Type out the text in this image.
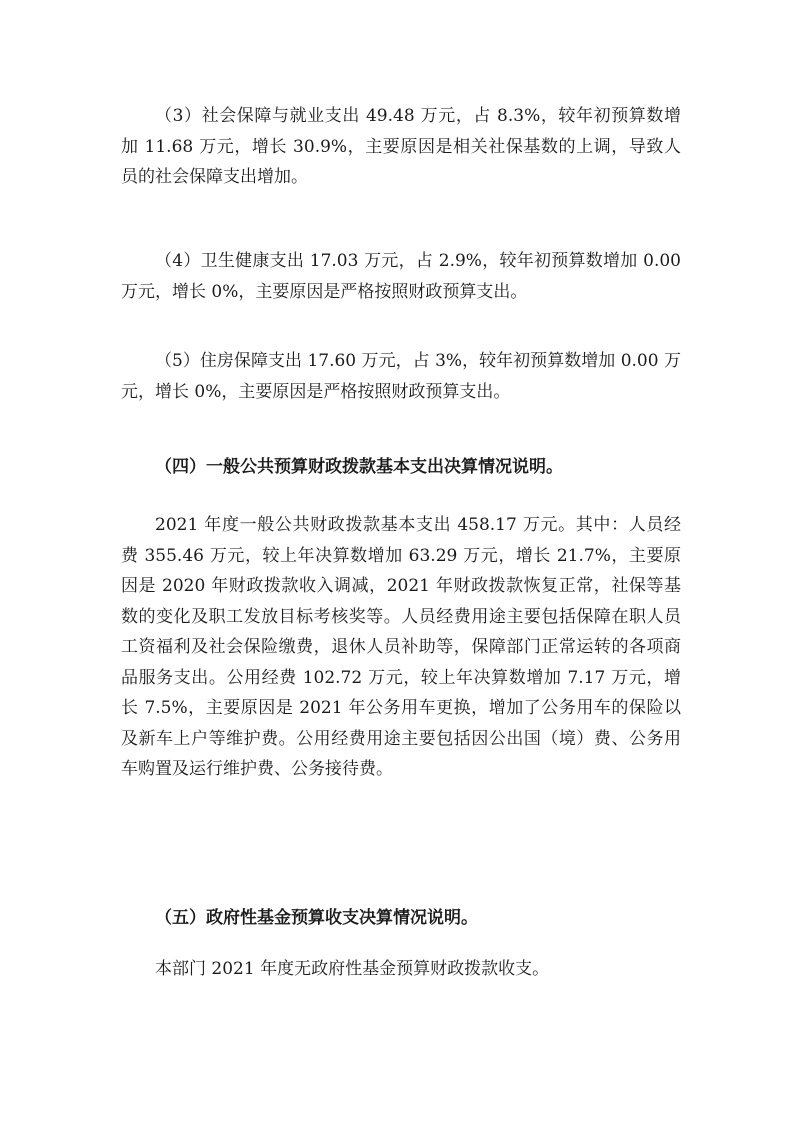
（3）社会保障与就业支出 49.48 万元，占 8.3%，较年初预算数增加 11.68 万元，增长 30.9%，主要原因是相关社保基数的上调，导致人员的社会保障支出增加。

（4）卫生健康支出 17.03 万元，占 2.9%，较年初预算数增加 0.00 万元，增长 0%，主要原因是严格按照财政预算支出。

（5）住房保障支出 17.60 万元，占 3%，较年初预算数增加 0.00 万元，增长 0%，主要原因是严格按照财政预算支出。

（四）一般公共预算财政拨款基本支出决算情况说明。

2021 年度一般公共财政拨款基本支出 458.17 万元。其中：人员经费 355.46 万元，较上年决算数增加 63.29 万元，增长 21.7%，主要原因是 2020 年财政拨款收入调减，2021 年财政拨款恢复正常，社保等基数的变化及职工发放目标考核奖等。人员经费用途主要包括保障在职人员工资福利及社会保险缴费，退休人员补助等，保障部门正常运转的各项商品服务支出。公用经费 102.72 万元，较上年决算数增加 7.17 万元，增长 7.5%，主要原因是 2021 年公务用车更换，增加了公务用车的保险以及新车上户等维护费。公用经费用途主要包括因公出国（境）费、公务用车购置及运行维护费、公务接待费。

（五）政府性基金预算收支决算情况说明。

本部门 2021 年度无政府性基金预算财政拨款收支。
